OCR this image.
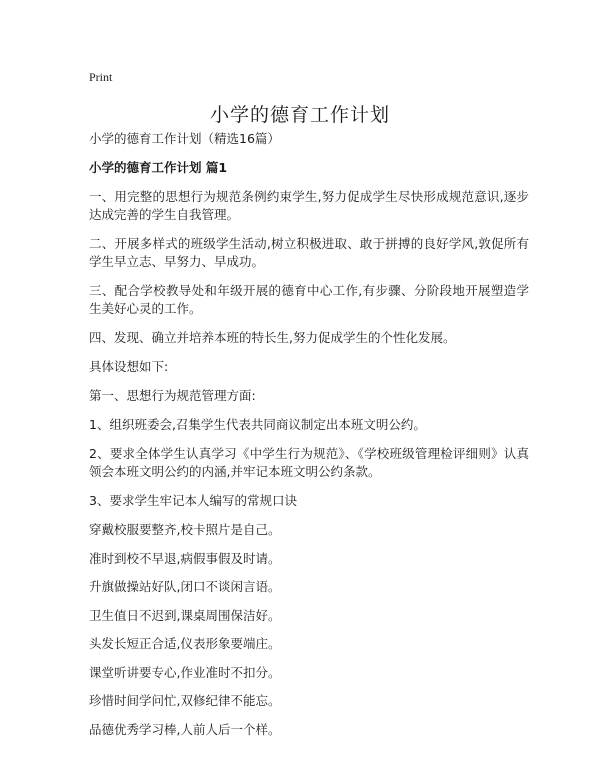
Print
小学的德育工作计划

小学的德育工作计划（精选16篇）

小学的德育工作计划 篇1

一、用完整的思想行为规范条例约束学生,努力促成学生尽快形成规范意识,逐步达成完善的学生自我管理。

二、开展多样式的班级学生活动,树立积极进取、敢于拼搏的良好学风,敦促所有学生早立志、早努力、早成功。

三、配合学校教导处和年级开展的德育中心工作,有步骤、分阶段地开展塑造学生美好心灵的工作。

四、发现、确立并培养本班的特长生,努力促成学生的个性化发展。

具体设想如下:

第一、思想行为规范管理方面:

1、组织班委会,召集学生代表共同商议制定出本班文明公约。

2、要求全体学生认真学习《中学生行为规范》、《学校班级管理检评细则》认真领会本班文明公约的内涵,并牢记本班文明公约条款。

3、要求学生牢记本人编写的常规口诀

穿戴校服要整齐,校卡照片是自己。

准时到校不早退,病假事假及时请。

升旗做操站好队,闭口不谈闲言语。

卫生值日不迟到,课桌周围保洁好。

头发长短正合适,仪表形象要端庄。

课堂听讲要专心,作业准时不扣分。

珍惜时间学问忙,双修纪律不能忘。

品德优秀学习棒,人前人后一个样。
